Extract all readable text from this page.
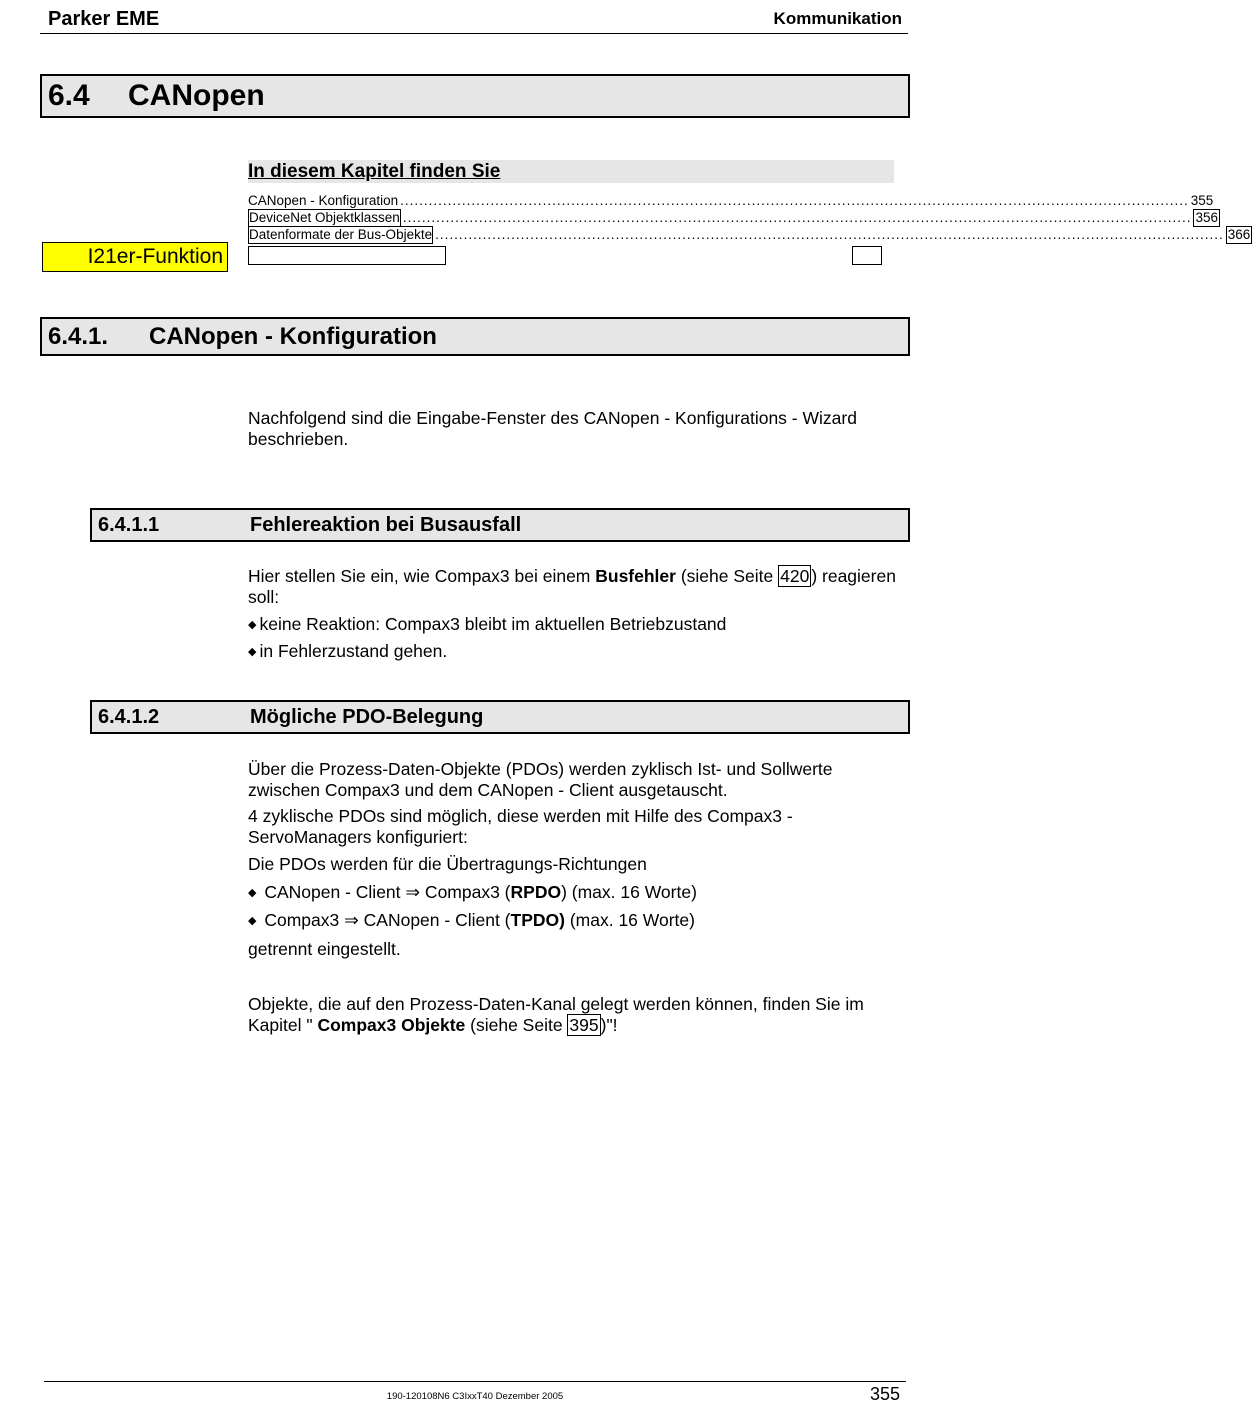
Parker EME	Kommunikation
6.4	CANopen
In diesem Kapitel finden Sie
CANopen - Konfiguration ...................................................................................................................................................................... 355
DeviceNet Objektklassen ...................................................................................................................................................................... 356
Datenformate der Bus-Objekte ...................................................................................................................................................................... 366
I21er-Funktion
6.4.1.	CANopen - Konfiguration
Nachfolgend sind die Eingabe-Fenster des CANopen - Konfigurations - Wizard beschrieben.
6.4.1.1	Fehlereaktion bei Busausfall
Hier stellen Sie ein, wie Compax3 bei einem Busfehler (siehe Seite 420 ) reagieren soll:
◆ keine Reaktion: Compax3 bleibt im aktuellen Betriebzustand
◆ in Fehlerzustand gehen.
6.4.1.2	Mögliche PDO-Belegung
Über die Prozess-Daten-Objekte (PDOs) werden zyklisch Ist- und Sollwerte zwischen Compax3 und dem CANopen - Client ausgetauscht.
4 zyklische PDOs sind möglich, diese werden mit Hilfe des Compax3 - ServoManagers konfiguriert:
Die PDOs werden für die Übertragungs-Richtungen
◆ CANopen - Client ⇒ Compax3 (RPDO) (max. 16 Worte)
◆ Compax3 ⇒ CANopen - Client (TPDO) (max. 16 Worte)
getrennt eingestellt.
Objekte, die auf den Prozess-Daten-Kanal gelegt werden können, finden Sie im Kapitel " Compax3 Objekte (siehe Seite 395 )"!
190-120108N6 C3IxxT40 Dezember 2005	355
